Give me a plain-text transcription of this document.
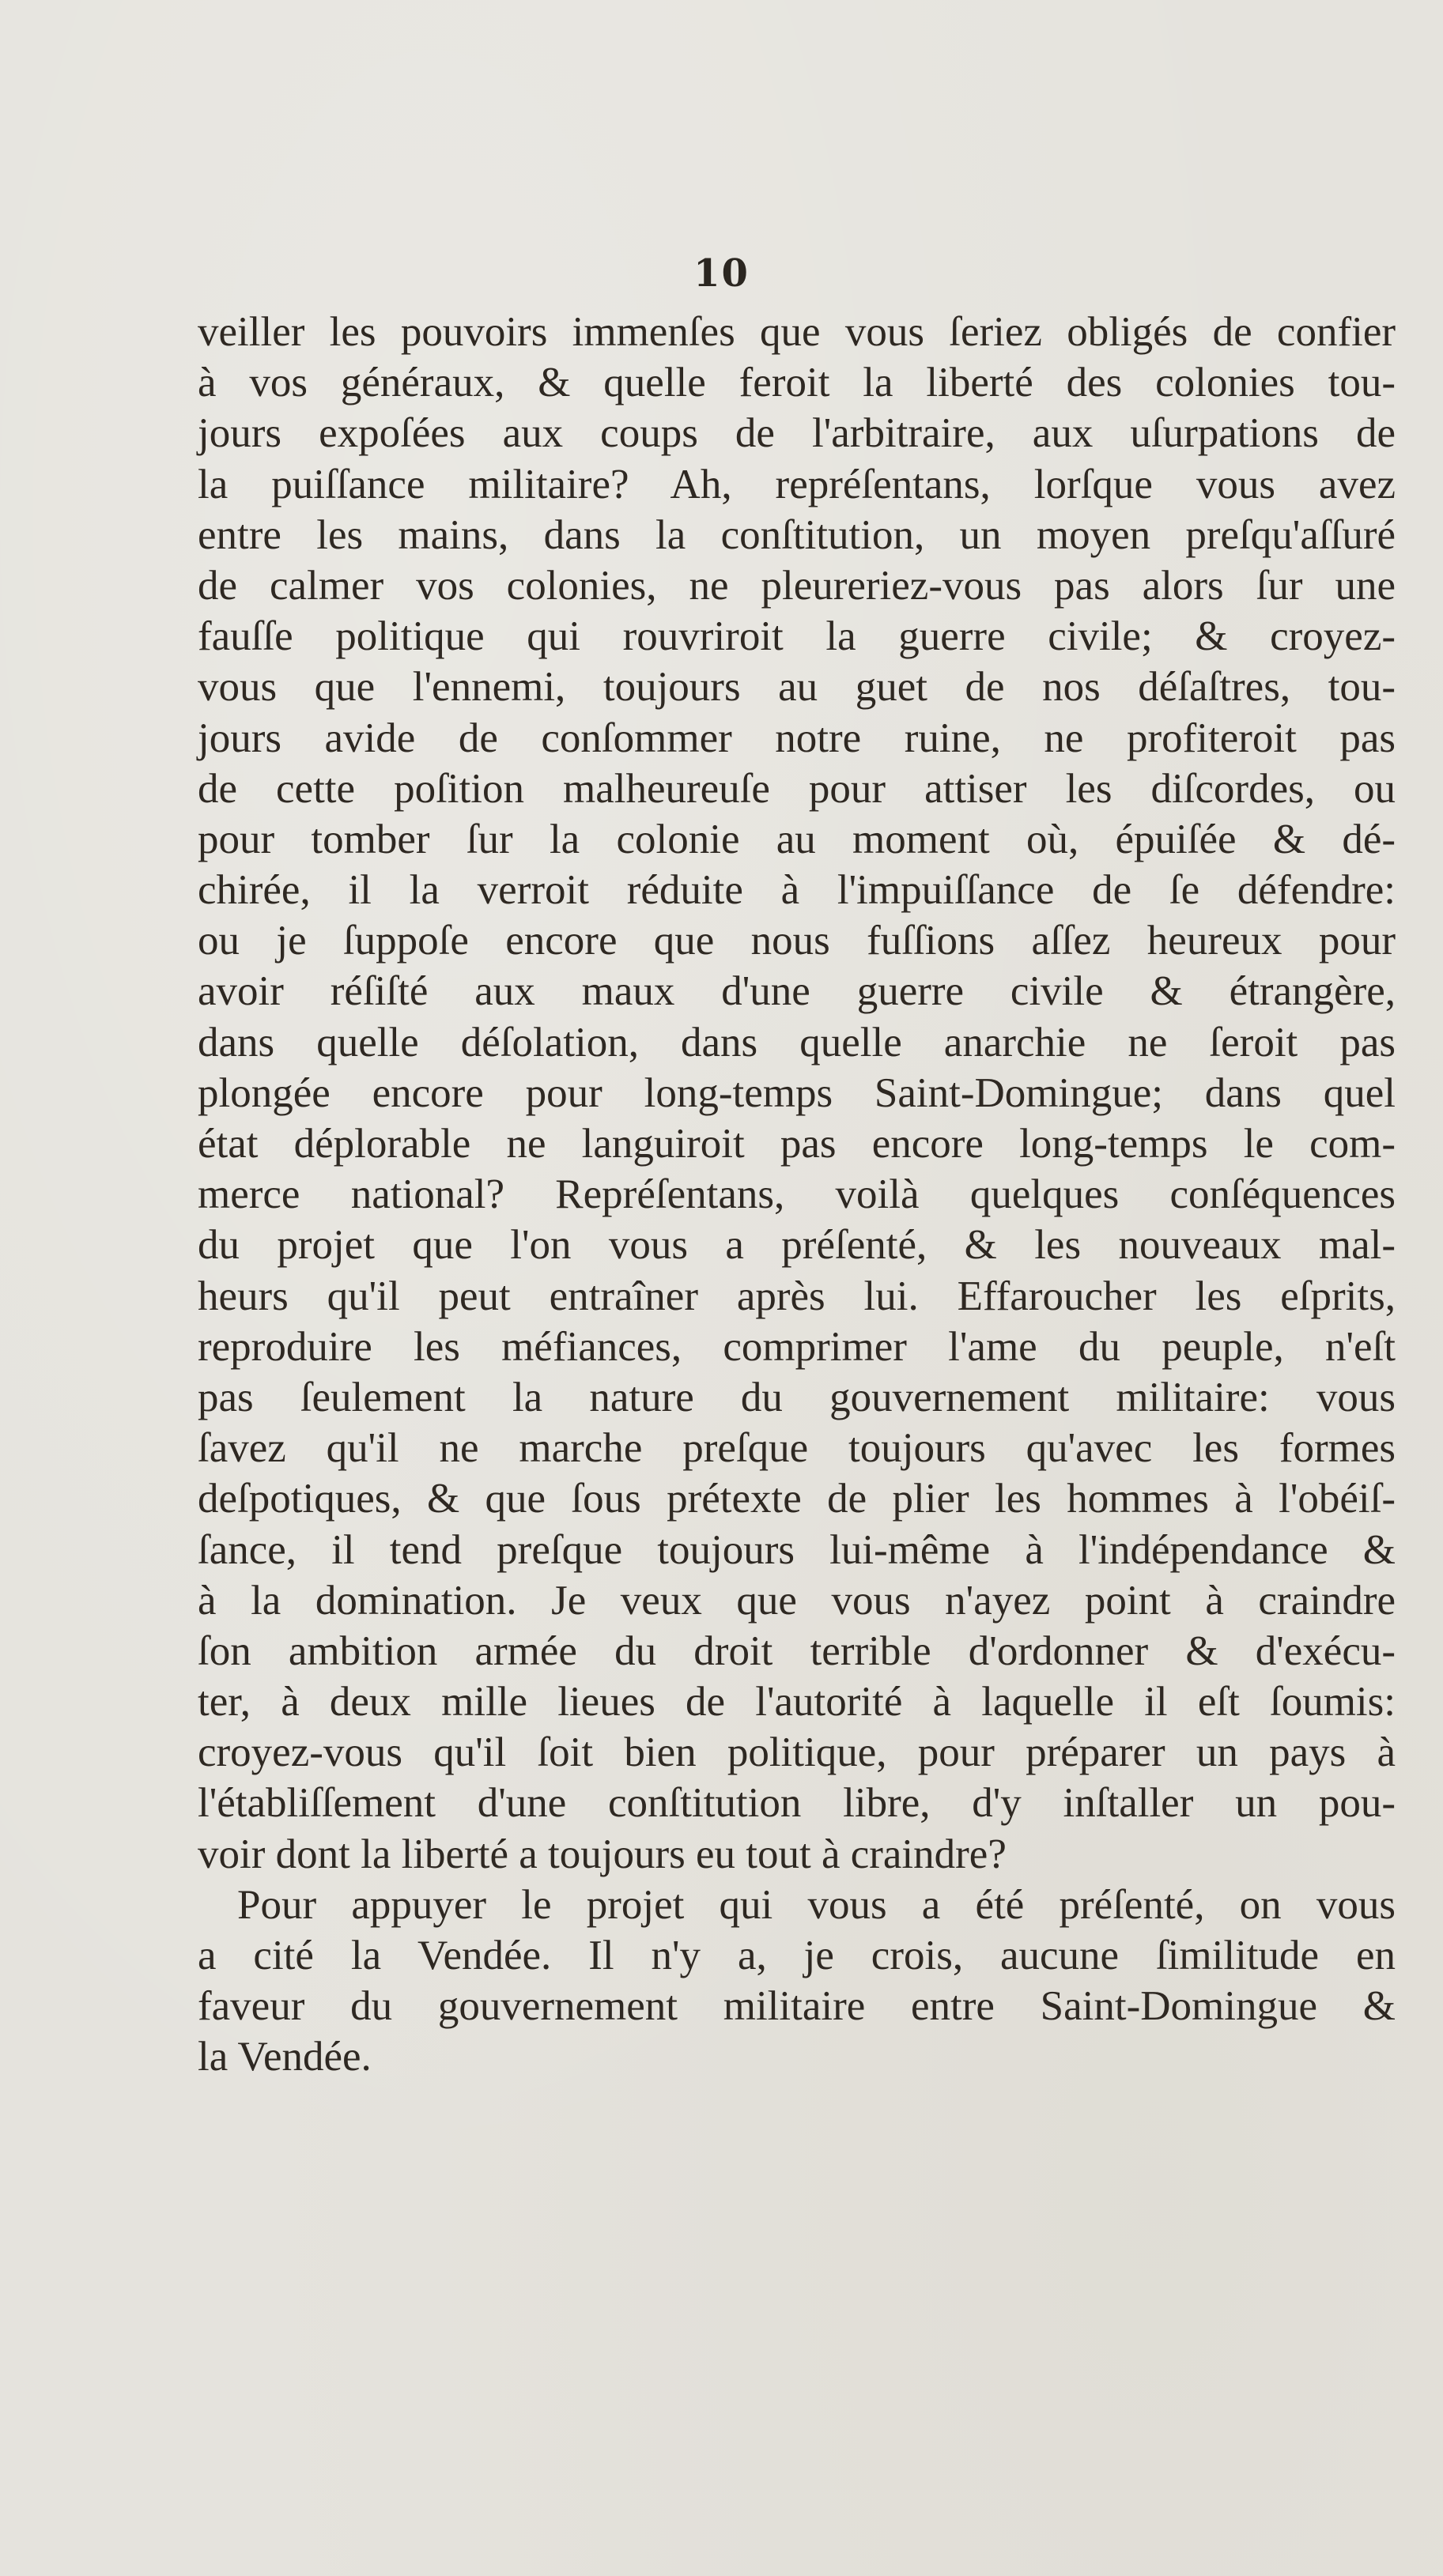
10
veiller les pouvoirs immenſes que vous ſeriez obligés de confier
à vos généraux, & quelle feroit la liberté des colonies tou-
jours expoſées aux coups de l'arbitraire, aux uſurpations de
la puiſſance militaire? Ah, repréſentans, lorſque vous avez
entre les mains, dans la conſtitution, un moyen preſqu'aſſuré
de calmer vos colonies, ne pleureriez-vous pas alors ſur une
fauſſe politique qui rouvriroit la guerre civile; & croyez-
vous que l'ennemi, toujours au guet de nos déſaſtres, tou-
jours avide de conſommer notre ruine, ne profiteroit pas
de cette poſition malheureuſe pour attiser les diſcordes, ou
pour tomber ſur la colonie au moment où, épuiſée & dé-
chirée, il la verroit réduite à l'impuiſſance de ſe défendre:
ou je ſuppoſe encore que nous fuſſions aſſez heureux pour
avoir réſiſté aux maux d'une guerre civile & étrangère,
dans quelle déſolation, dans quelle anarchie ne ſeroit pas
plongée encore pour long-temps Saint-Domingue; dans quel
état déplorable ne languiroit pas encore long-temps le com-
merce national? Repréſentans, voilà quelques conſéquences
du projet que l'on vous a préſenté, & les nouveaux mal-
heurs qu'il peut entraîner après lui. Effaroucher les eſprits,
reproduire les méfiances, comprimer l'ame du peuple, n'eſt
pas ſeulement la nature du gouvernement militaire: vous
ſavez qu'il ne marche preſque toujours qu'avec les formes
deſpotiques, & que ſous prétexte de plier les hommes à l'obéiſ-
ſance, il tend preſque toujours lui-même à l'indépendance &
à la domination. Je veux que vous n'ayez point à craindre
ſon ambition armée du droit terrible d'ordonner & d'exécu-
ter, à deux mille lieues de l'autorité à laquelle il eſt ſoumis:
croyez-vous qu'il ſoit bien politique, pour préparer un pays à
l'établiſſement d'une conſtitution libre, d'y inſtaller un pou-
voir dont la liberté a toujours eu tout à craindre?
Pour appuyer le projet qui vous a été préſenté, on vous
a cité la Vendée. Il n'y a, je crois, aucune ſimilitude en
faveur du gouvernement militaire entre Saint-Domingue &
la Vendée.
